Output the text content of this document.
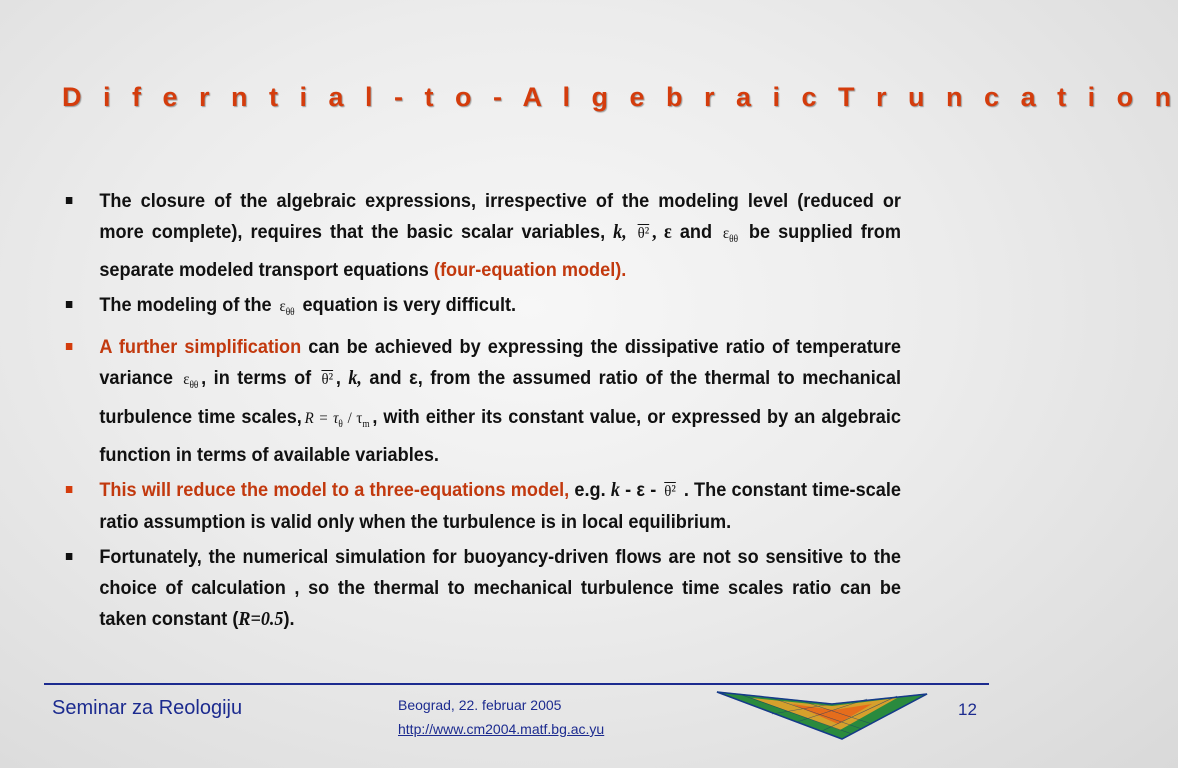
D i f e r n t i a l - t o - A l g e b r a i c T r u n c a t i o n
The closure of the algebraic expressions, irrespective of the modeling level (reduced or more complete), requires that the basic scalar variables, k, θ² , ε and $\varepsilon_{\theta\theta}$ be supplied from separate modeled transport equations (four-equation model).
The modeling of the $\varepsilon_{\theta\theta}$ equation is very difficult.
A further simplification can be achieved by expressing the dissipative ratio of temperature variance $\varepsilon_{\theta\theta}$ , in terms of θ² , k, and ε, from the assumed ratio of the thermal to mechanical turbulence time scales, $R = \tau_\theta / \tau_m$ , with either its constant value, or expressed by an algebraic function in terms of available variables.
This will reduce the model to a three-equations model, e.g. k - ε - θ² . The constant time-scale ratio assumption is valid only when the turbulence is in local equilibrium.
Fortunately, the numerical simulation for buoyancy-driven flows are not so sensitive to the choice of calculation , so the thermal to mechanical turbulence time scales ratio can be taken constant (R=0.5).
Seminar za Reologiju	Beograd, 22. februar 2005
http://www.cm2004.matf.bg.ac.yu
12
